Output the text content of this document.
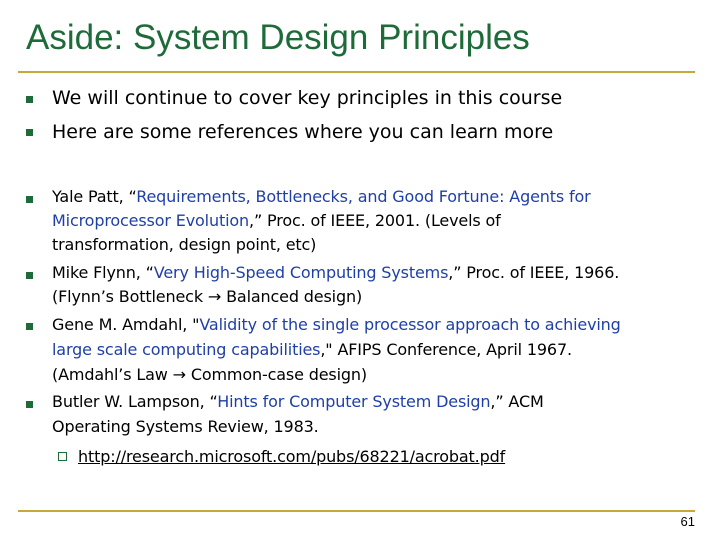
Aside: System Design Principles
We will continue to cover key principles in this course
Here are some references where you can learn more
Yale Patt, “Requirements, Bottlenecks, and Good Fortune: Agents for
Microprocessor Evolution,” Proc. of IEEE, 2001. (Levels of
transformation, design point, etc)
Mike Flynn, “Very High-Speed Computing Systems,” Proc. of IEEE, 1966.
(Flynn’s Bottleneck → Balanced design)
Gene M. Amdahl, "Validity of the single processor approach to achieving
large scale computing capabilities," AFIPS Conference, April 1967.
(Amdahl’s Law → Common-case design)
Butler W. Lampson, “Hints for Computer System Design,” ACM
Operating Systems Review, 1983.
http://research.microsoft.com/pubs/68221/acrobat.pdf
61
